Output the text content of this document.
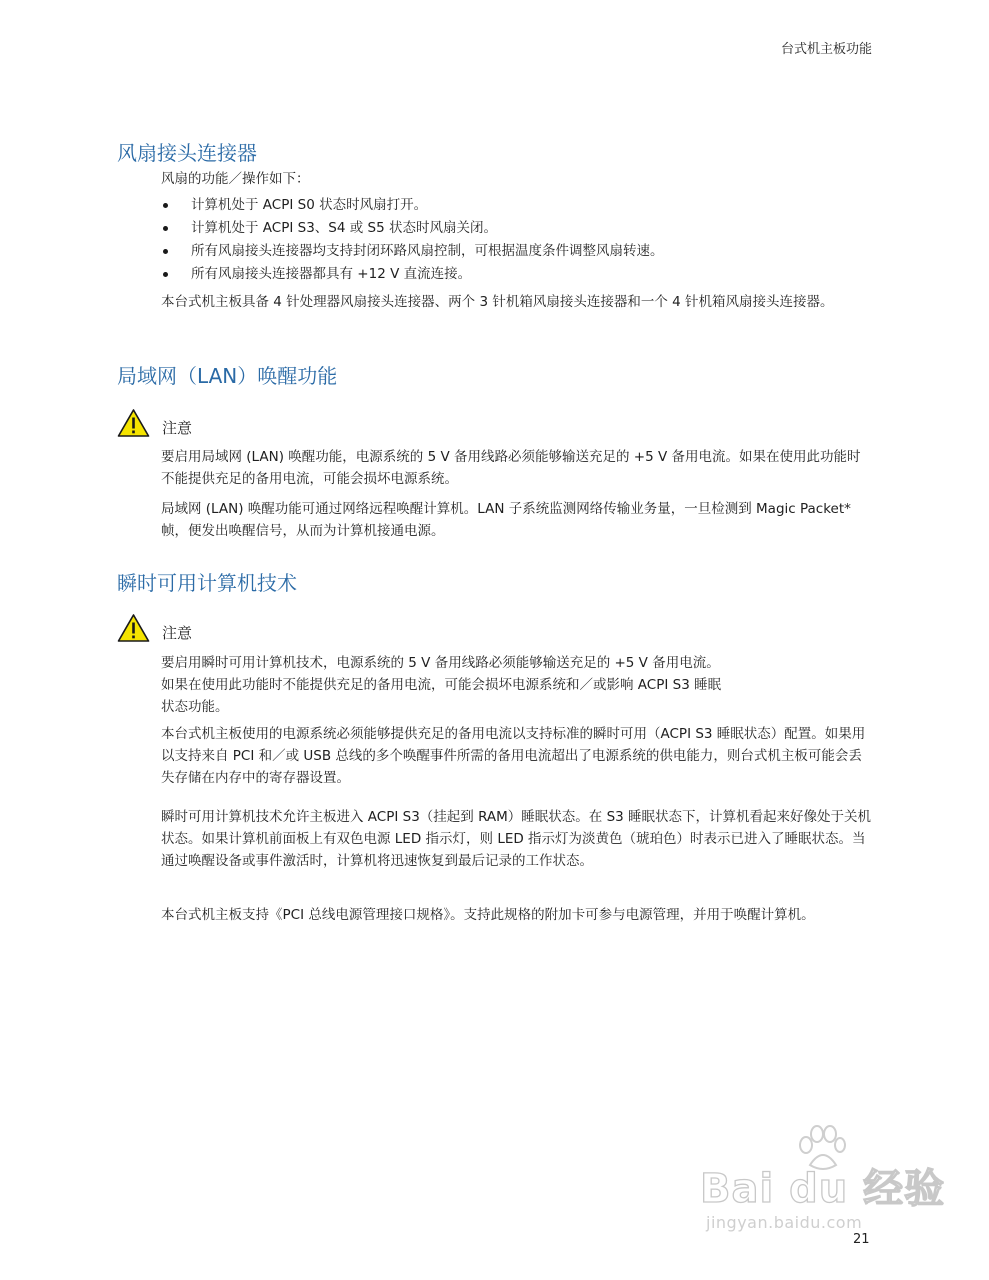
台式机主板功能
风扇接头连接器

风扇的功能／操作如下：

计算机处于 ACPI S0 状态时风扇打开。
计算机处于 ACPI S3、S4 或 S5 状态时风扇关闭。
所有风扇接头连接器均支持封闭环路风扇控制，可根据温度条件调整风扇转速。
所有风扇接头连接器都具有 +12 V 直流连接。

本台式机主板具备 4 针处理器风扇接头连接器、两个 3 针机箱风扇接头连接器和一个 4 针机箱风扇接头连接器。

局域网（LAN）唤醒功能
注意

要启用局域网 (LAN) 唤醒功能，电源系统的 5 V 备用线路必须能够输送充足的 +5 V 备用电流。如果在使用此功能时不能提供充足的备用电流，可能会损坏电源系统。

局域网 (LAN) 唤醒功能可通过网络远程唤醒计算机。LAN 子系统监测网络传输业务量，一旦检测到 Magic Packet* 帧，便发出唤醒信号，从而为计算机接通电源。

瞬时可用计算机技术
注意
要启用瞬时可用计算机技术，电源系统的 5 V 备用线路必须能够输送充足的 +5 V 备用电流。
如果在使用此功能时不能提供充足的备用电流，可能会损坏电源系统和／或影响 ACPI S3 睡眠
状态功能。

本台式机主板使用的电源系统必须能够提供充足的备用电流以支持标准的瞬时可用（ACPI S3 睡眠状态）配置。如果用以支持来自 PCI 和／或 USB 总线的多个唤醒事件所需的备用电流超出了电源系统的供电能力，则台式机主板可能会丢失存储在内存中的寄存器设置。

瞬时可用计算机技术允许主板进入 ACPI S3（挂起到 RAM）睡眠状态。在 S3 睡眠状态下，计算机看起来好像处于关机状态。如果计算机前面板上有双色电源 LED 指示灯，则 LED 指示灯为淡黄色（琥珀色）时表示已进入了睡眠状态。当通过唤醒设备或事件激活时，计算机将迅速恢复到最后记录的工作状态。

本台式机主板支持《PCI 总线电源管理接口规格》。支持此规格的附加卡可参与电源管理，并用于唤醒计算机。

Bai du 经验
jingyan.baidu.com
21
